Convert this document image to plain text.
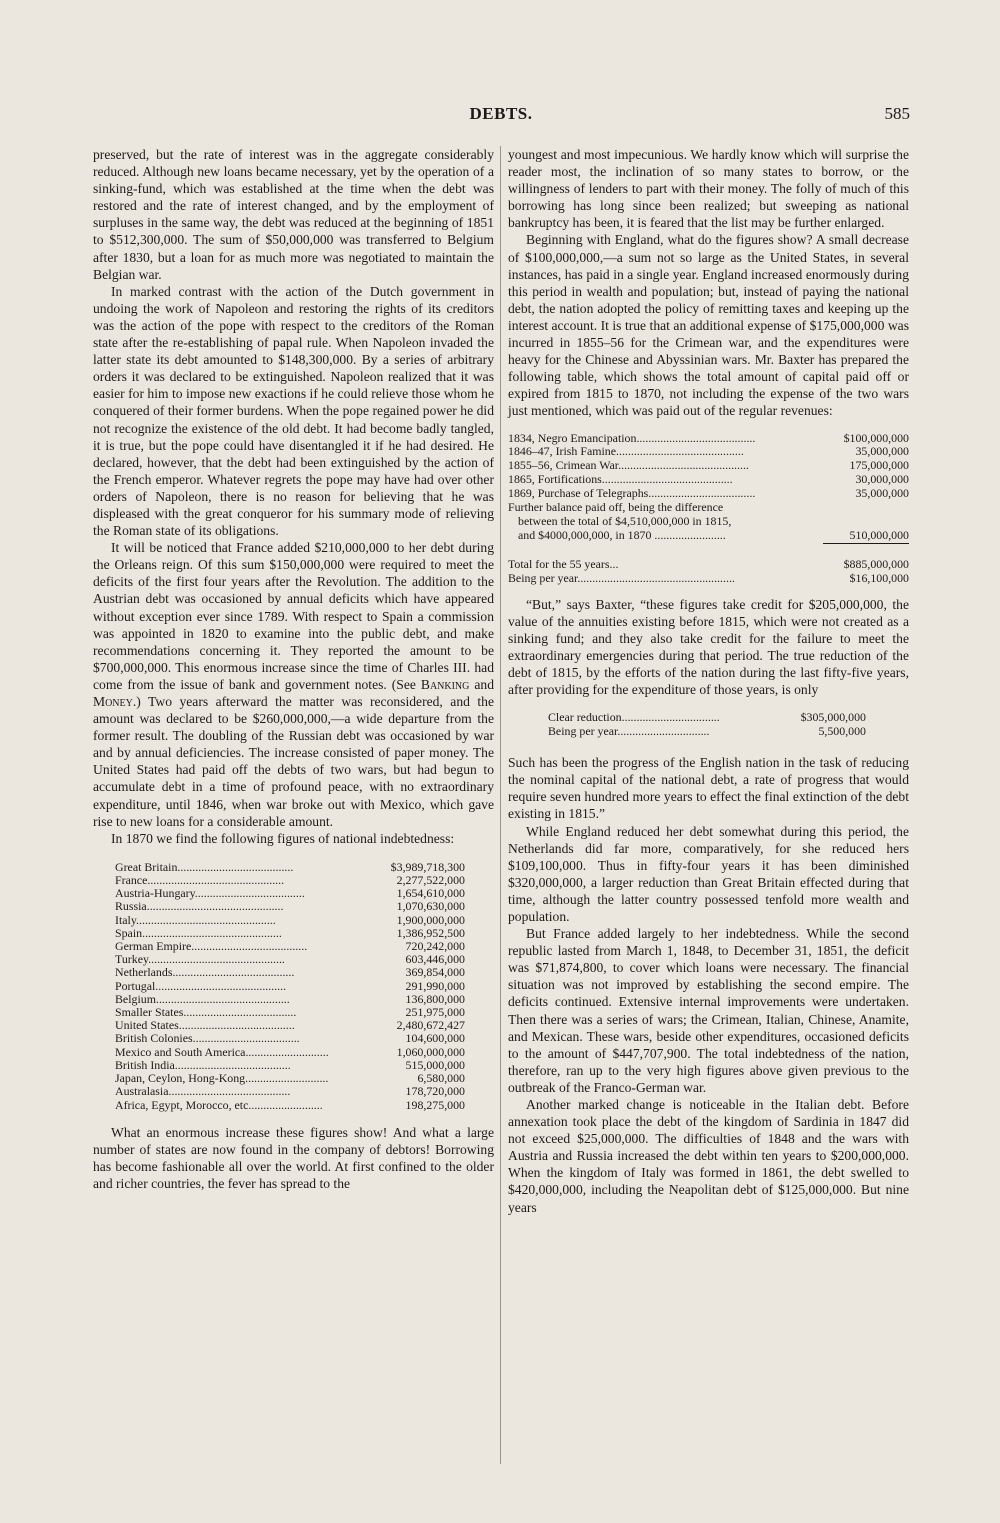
DEBTS.	585

preserved, but the rate of interest was in the aggregate considerably reduced. Although new loans became necessary, yet by the operation of a sinking-fund, which was established at the time when the debt was restored and the rate of interest changed, and by the employment of surpluses in the same way, the debt was reduced at the beginning of 1851 to $512,300,000. The sum of $50,000,000 was transferred to Belgium after 1830, but a loan for as much more was negotiated to maintain the Belgian war.

In marked contrast with the action of the Dutch government in undoing the work of Napoleon and restoring the rights of its creditors was the action of the pope with respect to the creditors of the Roman state after the re-establishing of papal rule. When Napoleon invaded the latter state its debt amounted to $148,300,000. By a series of arbitrary orders it was declared to be extinguished. Napoleon realized that it was easier for him to impose new exactions if he could relieve those whom he conquered of their former burdens. When the pope regained power he did not recognize the existence of the old debt. It had become badly tangled, it is true, but the pope could have disentangled it if he had desired. He declared, however, that the debt had been extinguished by the action of the French emperor. Whatever regrets the pope may have had over other orders of Napoleon, there is no reason for believing that he was displeased with the great conqueror for his summary mode of relieving the Roman state of its obligations.

It will be noticed that France added $210,000,000 to her debt during the Orleans reign. Of this sum $150,000,000 were required to meet the deficits of the first four years after the Revolution. The addition to the Austrian debt was occasioned by annual deficits which have appeared without exception ever since 1789. With respect to Spain a commission was appointed in 1820 to examine into the public debt, and make recommendations concerning it. They reported the amount to be $700,000,000. This enormous increase since the time of Charles III. had come from the issue of bank and government notes. (See Banking and Money.) Two years afterward the matter was reconsidered, and the amount was declared to be $260,000,000,—a wide departure from the former result. The doubling of the Russian debt was occasioned by war and by annual deficiencies. The increase consisted of paper money. The United States had paid off the debts of two wars, but had begun to accumulate debt in a time of profound peace, with no extraordinary expenditure, until 1846, when war broke out with Mexico, which gave rise to new loans for a considerable amount.

In 1870 we find the following figures of national indebtedness:

Great Britain.......................................	$3,989,718,300
France..............................................	2,277,522,000
Austria-Hungary.....................................	1,654,610,000
Russia..............................................	1,070,630,000
Italy...............................................	1,900,000,000
Spain...............................................	1,386,952,500
German Empire.......................................	720,242,000
Turkey..............................................	603,446,000
Netherlands.........................................	369,854,000
Portugal............................................	291,990,000
Belgium.............................................	136,800,000
Smaller States......................................	251,975,000
United States.......................................	2,480,672,427
British Colonies....................................	104,600,000
Mexico and South America............................	1,060,000,000
British India.......................................	515,000,000
Japan, Ceylon, Hong-Kong............................	6,580,000
Australasia.........................................	178,720,000
Africa, Egypt, Morocco, etc.........................	198,275,000

What an enormous increase these figures show! And what a large number of states are now found in the company of debtors! Borrowing has become fashionable all over the world. At first confined to the older and richer countries, the fever has spread to the

youngest and most impecunious. We hardly know which will surprise the reader most, the inclination of so many states to borrow, or the willingness of lenders to part with their money. The folly of much of this borrowing has long since been realized; but sweeping as national bankruptcy has been, it is feared that the list may be further enlarged.

Beginning with England, what do the figures show? A small decrease of $100,000,000,—a sum not so large as the United States, in several instances, has paid in a single year. England increased enormously during this period in wealth and population; but, instead of paying the national debt, the nation adopted the policy of remitting taxes and keeping up the interest account. It is true that an additional expense of $175,000,000 was incurred in 1855–56 for the Crimean war, and the expenditures were heavy for the Chinese and Abyssinian wars. Mr. Baxter has prepared the following table, which shows the total amount of capital paid off or expired from 1815 to 1870, not including the expense of the two wars just mentioned, which was paid out of the regular revenues:

1834, Negro Emancipation........................................	$100,000,000
1846–47, Irish Famine...........................................	35,000,000
1855–56, Crimean War............................................	175,000,000
1865, Fortifications............................................	30,000,000
1869, Purchase of Telegraphs....................................	35,000,000
Further balance paid off, being the difference	
between the total of $4,510,000,000 in 1815,	
and $4000,000,000, in 1870 ........................	510,000,000
Total for the 55 years...	$885,000,000
Being per year.....................................................	$16,100,000

“But,” says Baxter, “these figures take credit for $205,000,000, the value of the annuities existing before 1815, which were not created as a sinking fund; and they also take credit for the failure to meet the extraordinary emergencies during that period. The true reduction of the debt of 1815, by the efforts of the nation during the last fifty-five years, after providing for the expenditure of those years, is only

Clear reduction.................................	$305,000,000
Being per year...............................	5,500,000

Such has been the progress of the English nation in the task of reducing the nominal capital of the national debt, a rate of progress that would require seven hundred more years to effect the final extinction of the debt existing in 1815.”

While England reduced her debt somewhat during this period, the Netherlands did far more, comparatively, for she reduced hers $109,100,000. Thus in fifty-four years it has been diminished $320,000,000, a larger reduction than Great Britain effected during that time, although the latter country possessed tenfold more wealth and population.

But France added largely to her indebtedness. While the second republic lasted from March 1, 1848, to December 31, 1851, the deficit was $71,874,800, to cover which loans were necessary. The financial situation was not improved by establishing the second empire. The deficits continued. Extensive internal improvements were undertaken. Then there was a series of wars; the Crimean, Italian, Chinese, Anamite, and Mexican. These wars, beside other expenditures, occasioned deficits to the amount of $447,707,900. The total indebtedness of the nation, therefore, ran up to the very high figures above given previous to the outbreak of the Franco-German war.

Another marked change is noticeable in the Italian debt. Before annexation took place the debt of the kingdom of Sardinia in 1847 did not exceed $25,000,000. The difficulties of 1848 and the wars with Austria and Russia increased the debt within ten years to $200,000,000. When the kingdom of Italy was formed in 1861, the debt swelled to $420,000,000, including the Neapolitan debt of $125,000,000. But nine years
